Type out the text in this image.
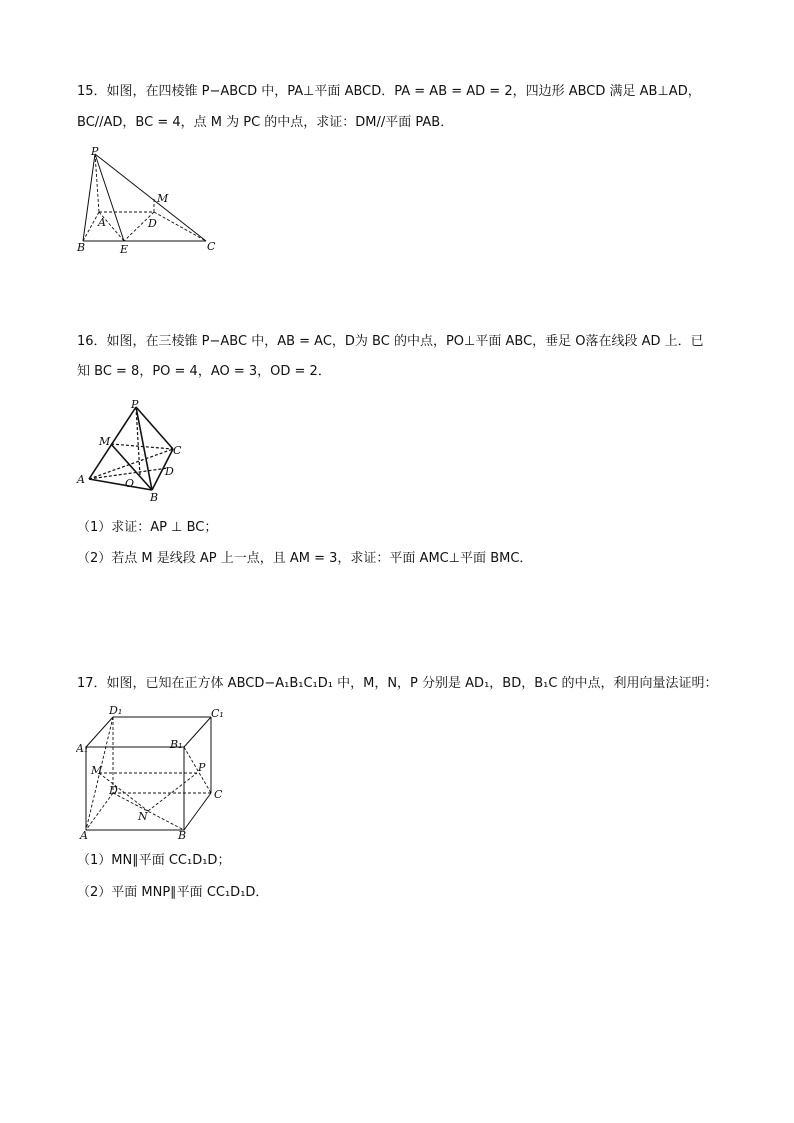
15．如图，在四棱锥 P−ABCD 中，PA⊥平面 ABCD．PA = AB = AD = 2，四边形 ABCD 满足 AB⊥AD，
BC//AD，BC = 4，点 M 为 PC 的中点，求证：DM//平面 PAB．
P
M
A	D
B	E	C
16．如图，在三棱锥 P−ABC 中，AB = AC，D为 BC 的中点，PO⊥平面 ABC，垂足 O落在线段 AD 上．已
知 BC = 8，PO = 4，AO = 3，OD = 2．
P
M
C
D
A	O
B
（1）求证：AP ⊥ BC；
（2）若点 M 是线段 AP 上一点，且 AM = 3，求证：平面 AMC⊥平面 BMC．
17．如图，已知在正方体 ABCD−A₁B₁C₁D₁ 中，M，N，P 分别是 AD₁，BD，B₁C 的中点，利用向量法证明：
D₁	C₁
A₁	B₁
M	P
D	C
N
A	B
（1）MN∥平面 CC₁D₁D；
（2）平面 MNP∥平面 CC₁D₁D．
